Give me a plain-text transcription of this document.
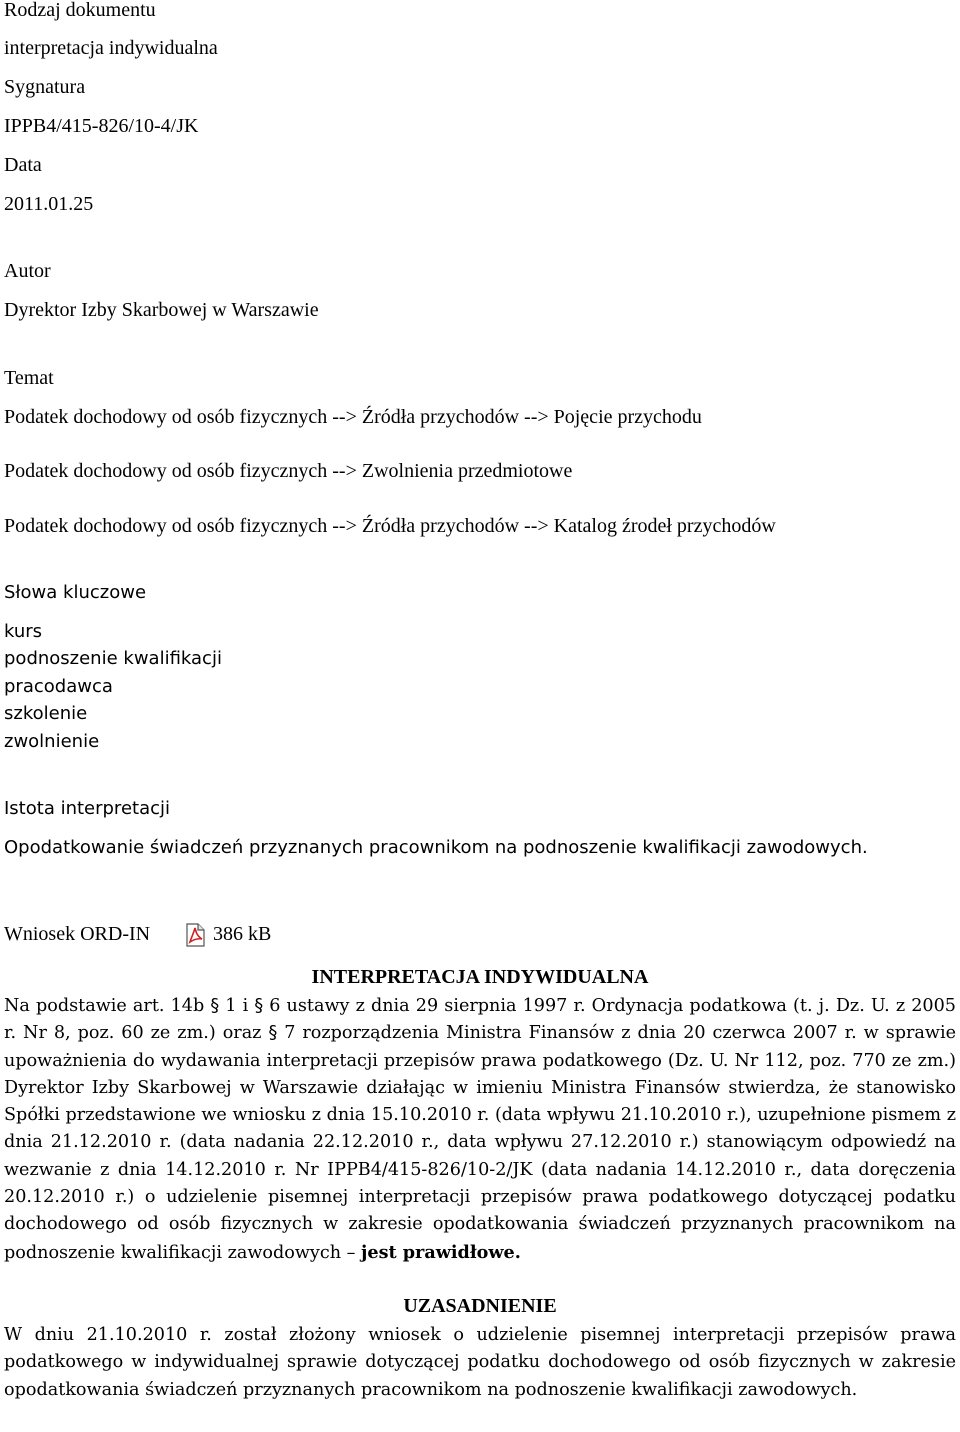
Rodzaj dokumentu
interpretacja indywidualna
Sygnatura
IPPB4/415-826/10-4/JK
Data
2011.01.25
Autor
Dyrektor Izby Skarbowej w Warszawie
Temat
Podatek dochodowy od osób fizycznych --> Źródła przychodów --> Pojęcie przychodu
Podatek dochodowy od osób fizycznych --> Zwolnienia przedmiotowe
Podatek dochodowy od osób fizycznych --> Źródła przychodów --> Katalog źrodeł przychodów
Słowa kluczowe
kurs
podnoszenie kwalifikacji
pracodawca
szkolenie
zwolnienie
Istota interpretacji
Opodatkowanie świadczeń przyznanych pracownikom na podnoszenie kwalifikacji zawodowych.
Wniosek ORD-IN	386 kB
INTERPRETACJA INDYWIDUALNA
Na podstawie art. 14b § 1 i § 6 ustawy z dnia 29 sierpnia 1997 r. Ordynacja podatkowa (t. j. Dz. U. z 2005 r. Nr 8, poz. 60 ze zm.) oraz § 7 rozporządzenia Ministra Finansów z dnia 20 czerwca 2007 r. w sprawie upoważnienia do wydawania interpretacji przepisów prawa podatkowego (Dz. U. Nr 112, poz. 770 ze zm.) Dyrektor Izby Skarbowej w Warszawie działając w imieniu Ministra Finansów stwierdza, że stanowisko Spółki przedstawione we wniosku z dnia 15.10.2010 r. (data wpływu 21.10.2010 r.), uzupełnione pismem z dnia 21.12.2010 r. (data nadania 22.12.2010 r., data wpływu 27.12.2010 r.) stanowiącym odpowiedź na wezwanie z dnia 14.12.2010 r. Nr IPPB4/415-826/10-2/JK (data nadania 14.12.2010 r., data doręczenia 20.12.2010 r.) o udzielenie pisemnej interpretacji przepisów prawa podatkowego dotyczącej podatku dochodowego od osób fizycznych w zakresie opodatkowania świadczeń przyznanych pracownikom na podnoszenie kwalifikacji zawodowych – jest prawidłowe.
UZASADNIENIE
W dniu 21.10.2010 r. został złożony wniosek o udzielenie pisemnej interpretacji przepisów prawa podatkowego w indywidualnej sprawie dotyczącej podatku dochodowego od osób fizycznych w zakresie opodatkowania świadczeń przyznanych pracownikom na podnoszenie kwalifikacji zawodowych.
